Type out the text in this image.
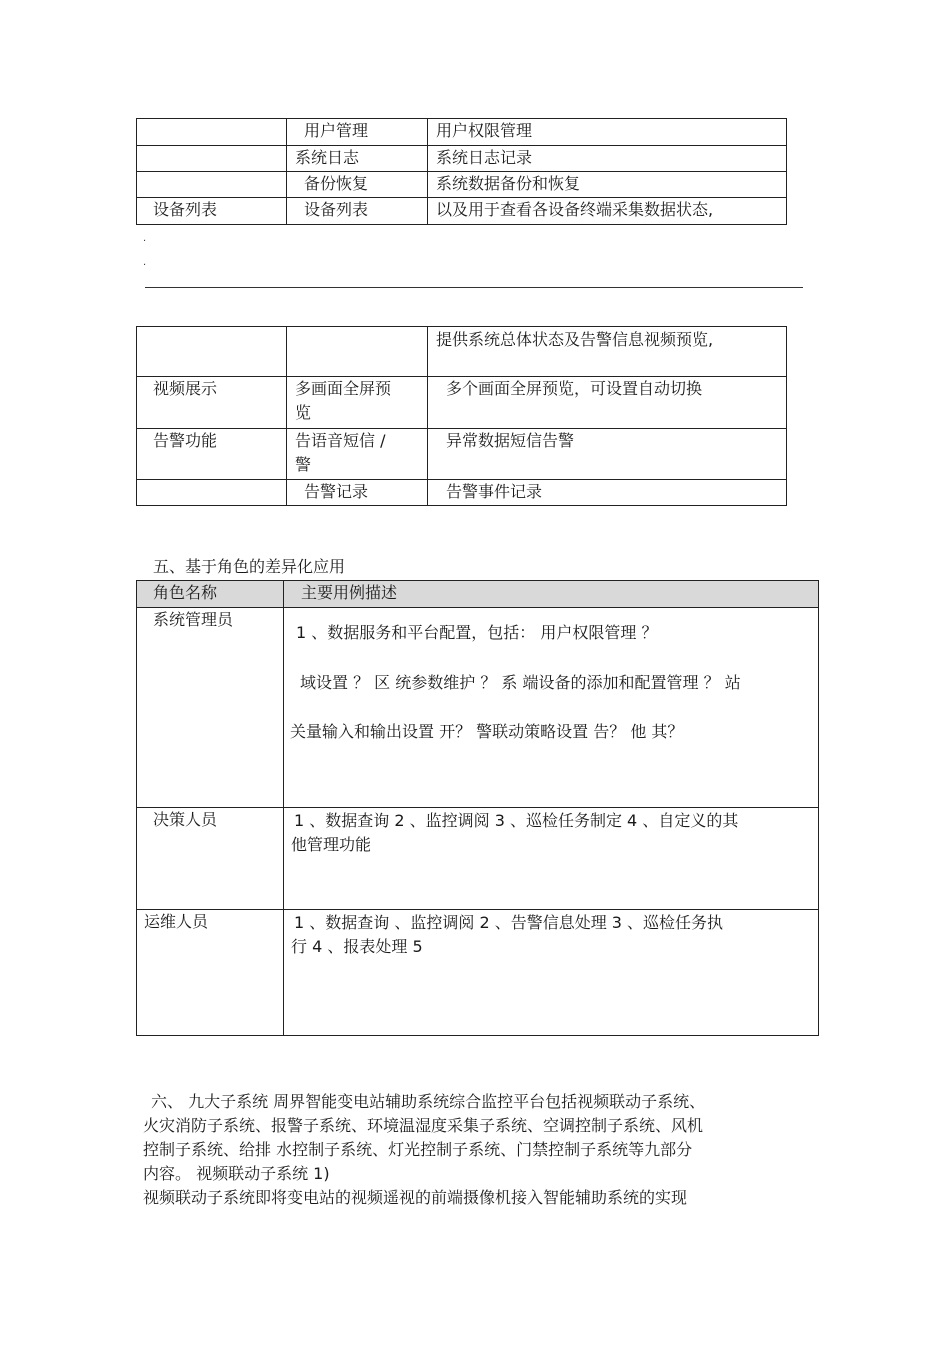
	用户管理	用户权限管理
	系统日志	系统日志记录
	备份恢复	系统数据备份和恢复
设备列表	设备列表	以及用于查看各设备终端采集数据状态,
.
.
		提供系统总体状态及告警信息视频预览,
视频展示	多画面全屏预览	多个画面全屏预览，可设置自动切换
告警功能	告语音短信 / 警	异常数据短信告警
	告警记录	告警事件记录
五、基于角色的差异化应用
角色名称	主要用例描述
系统管理员	1 、数据服务和平台配置，包括： 用户权限管理 ？
域设置 ？ 区 统参数维护 ？ 系 端设备的添加和配置管理 ？ 站
关量输入和输出设置 开？ 警联动策略设置 告？ 他 其？

决策人员	1 、数据查询 2 、监控调阅 3 、巡检任务制定 4 、自定义的其
他管理功能

运维人员	1 、数据查询 、监控调阅 2 、告警信息处理 3 、巡检任务执
行 4 、报表处理 5
六、 九大子系统 周界智能变电站辅助系统综合监控平台包括视频联动子系统、
火灾消防子系统、报警子系统、环境温湿度采集子系统、空调控制子系统、风机
控制子系统、给排 水控制子系统、灯光控制子系统、门禁控制子系统等九部分
内容。 视频联动子系统 1)
视频联动子系统即将变电站的视频遥视的前端摄像机接入智能辅助系统的实现
